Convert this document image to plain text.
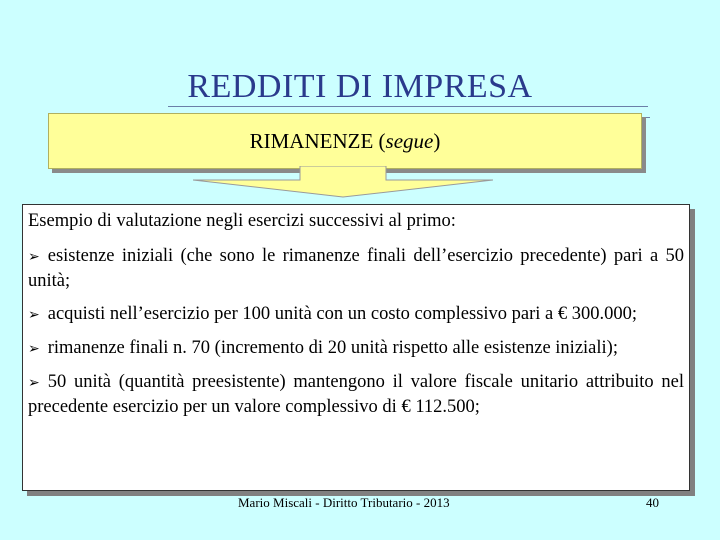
REDDITI DI IMPRESA
RIMANENZE ( segue )

Esempio di valutazione negli esercizi successivi al primo:

➢ esistenze iniziali (che sono le rimanenze finali dell’esercizio precedente) pari a 50 unità;

➢ acquisti nell’esercizio per 100 unità con un costo complessivo pari a € 300.000;

➢ rimanenze finali n. 70 (incremento di 20 unità rispetto alle esistenze iniziali);

➢ 50 unità (quantità preesistente) mantengono il valore fiscale unitario attribuito nel precedente esercizio per un valore complessivo di € 112.500;

Mario Miscali - Diritto Tributario - 2013	40
